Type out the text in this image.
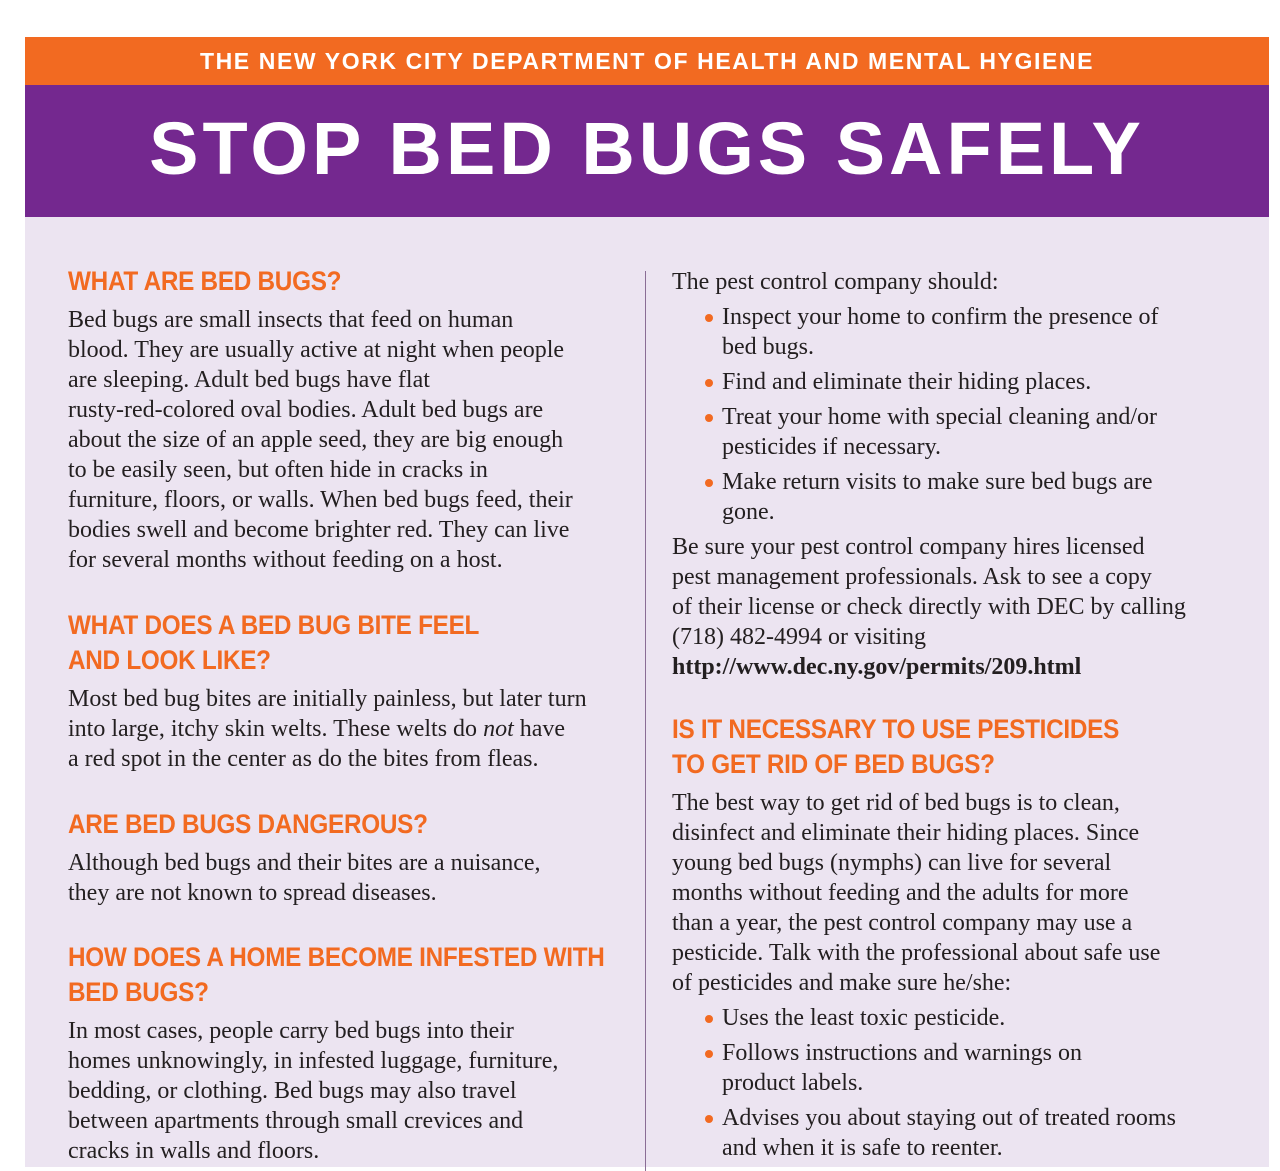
THE NEW YORK CITY DEPARTMENT OF HEALTH AND MENTAL HYGIENE
STOP BED BUGS SAFELY
WHAT ARE BED BUGS?

Bed bugs are small insects that feed on human

blood. They are usually active at night when people

are sleeping. Adult bed bugs have flat

rusty-red-colored oval bodies. Adult bed bugs are

about the size of an apple seed, they are big enough

to be easily seen, but often hide in cracks in

furniture, floors, or walls. When bed bugs feed, their

bodies swell and become brighter red. They can live

for several months without feeding on a host.

WHAT DOES A BED BUG BITE FEEL
AND LOOK LIKE?

Most bed bug bites are initially painless, but later turn

into large, itchy skin welts. These welts do not have

a red spot in the center as do the bites from fleas.

ARE BED BUGS DANGEROUS?

Although bed bugs and their bites are a nuisance,

they are not known to spread diseases.

HOW DOES A HOME BECOME INFESTED WITH
BED BUGS?

In most cases, people carry bed bugs into their

homes unknowingly, in infested luggage, furniture,

bedding, or clothing. Bed bugs may also travel

between apartments through small crevices and

cracks in walls and floors.

The pest control company should:

Inspect your home to confirm the presence of
bed bugs.
Find and eliminate their hiding places.
Treat your home with special cleaning and/or
pesticides if necessary.
Make return visits to make sure bed bugs are
gone.

Be sure your pest control company hires licensed

pest management professionals. Ask to see a copy

of their license or check directly with DEC by calling

(718) 482-4994 or visiting

http://www.dec.ny.gov/permits/209.html

IS IT NECESSARY TO USE PESTICIDES
TO GET RID OF BED BUGS?

The best way to get rid of bed bugs is to clean,

disinfect and eliminate their hiding places. Since

young bed bugs (nymphs) can live for several

months without feeding and the adults for more

than a year, the pest control company may use a

pesticide. Talk with the professional about safe use

of pesticides and make sure he/she:

Uses the least toxic pesticide.
Follows instructions and warnings on
product labels.
Advises you about staying out of treated rooms
and when it is safe to reenter.
